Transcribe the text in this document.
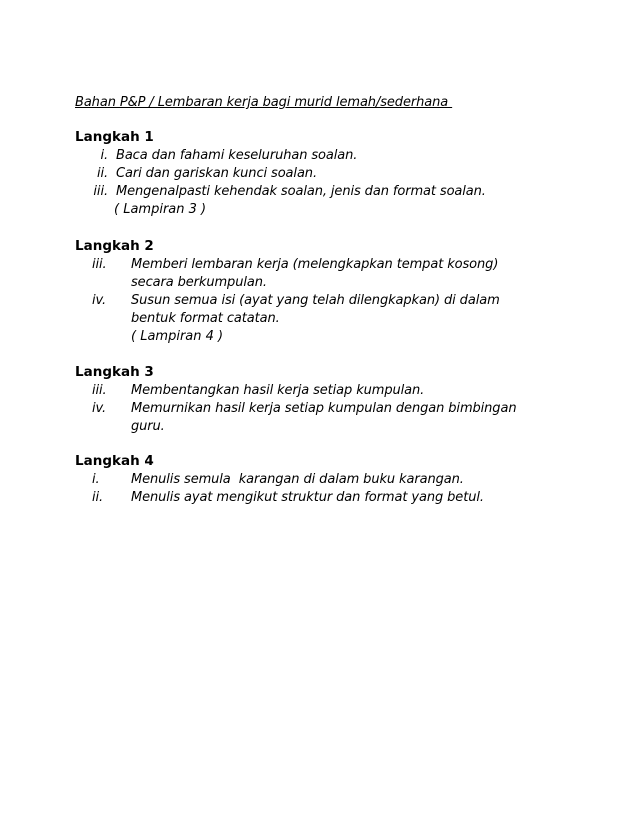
Bahan P&P / Lembaran kerja bagi murid lemah/sederhana
Langkah 1
i. Baca dan fahami keseluruhan soalan.
ii. Cari dan gariskan kunci soalan.
iii. Mengenalpasti kehendak soalan, jenis dan format soalan.
( Lampiran 3 )
Langkah 2
iii. Memberi lembaran kerja (melengkapkan tempat kosong)
secara berkumpulan.
iv. Susun semua isi (ayat yang telah dilengkapkan) di dalam
bentuk format catatan.
( Lampiran 4 )
Langkah 3
iii. Membentangkan hasil kerja setiap kumpulan.
iv. Memurnikan hasil kerja setiap kumpulan dengan bimbingan
guru.
Langkah 4
i. Menulis semula  karangan di dalam buku karangan.
ii. Menulis ayat mengikut struktur dan format yang betul.
